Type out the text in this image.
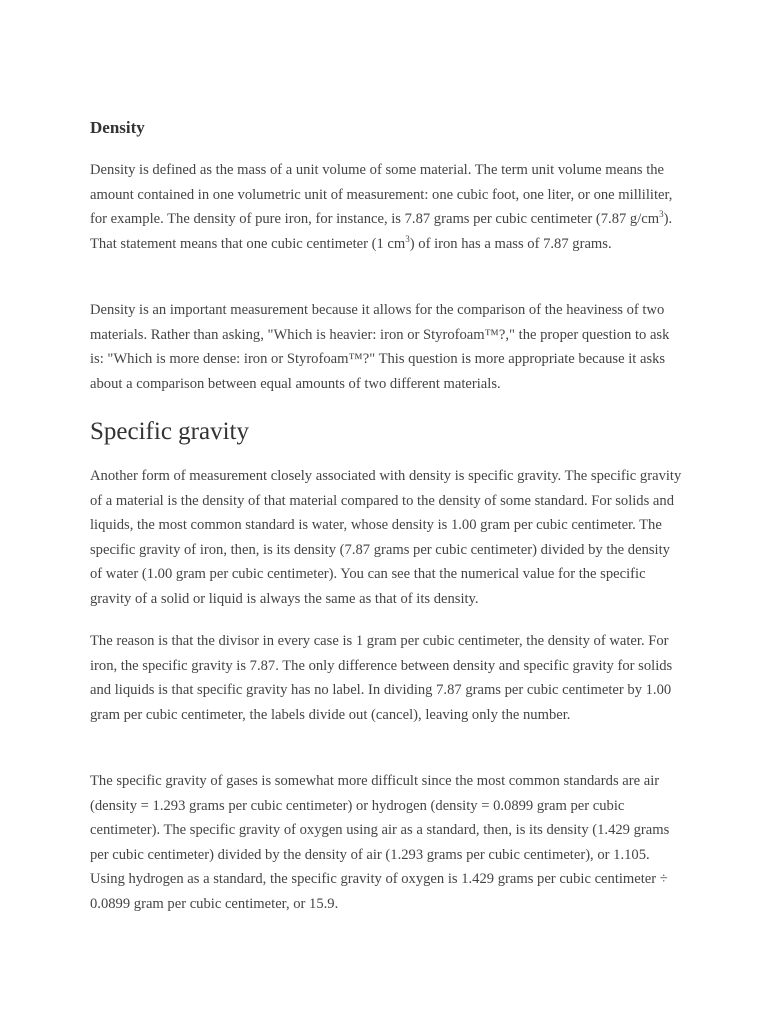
Density

Density is defined as the mass of a unit volume of some material. The term unit volume means the amount contained in one volumetric unit of measurement: one cubic foot, one liter, or one milliliter, for example. The density of pure iron, for instance, is 7.87 grams per cubic centimeter (7.87 $g/cm^3$). That statement means that one cubic centimeter (1 $cm^3$) of iron has a mass of 7.87 grams.

Density is an important measurement because it allows for the comparison of the heaviness of two materials. Rather than asking, "Which is heavier: iron or Styrofoam™?," the proper question to ask is: "Which is more dense: iron or Styrofoam™?" This question is more appropriate because it asks about a comparison between equal amounts of two different materials.

Specific gravity

Another form of measurement closely associated with density is specific gravity. The specific gravity of a material is the density of that material compared to the density of some standard. For solids and liquids, the most common standard is water, whose density is 1.00 gram per cubic centimeter. The specific gravity of iron, then, is its density (7.87 grams per cubic centimeter) divided by the density of water (1.00 gram per cubic centimeter). You can see that the numerical value for the specific gravity of a solid or liquid is always the same as that of its density.

The reason is that the divisor in every case is 1 gram per cubic centimeter, the density of water. For iron, the specific gravity is 7.87. The only difference between density and specific gravity for solids and liquids is that specific gravity has no label. In dividing 7.87 grams per cubic centimeter by 1.00 gram per cubic centimeter, the labels divide out (cancel), leaving only the number.

The specific gravity of gases is somewhat more difficult since the most common standards are air (density = 1.293 grams per cubic centimeter) or hydrogen (density = 0.0899 gram per cubic centimeter). The specific gravity of oxygen using air as a standard, then, is its density (1.429 grams per cubic centimeter) divided by the density of air (1.293 grams per cubic centimeter), or 1.105. Using hydrogen as a standard, the specific gravity of oxygen is 1.429 grams per cubic centimeter ÷ 0.0899 gram per cubic centimeter, or 15.9.
